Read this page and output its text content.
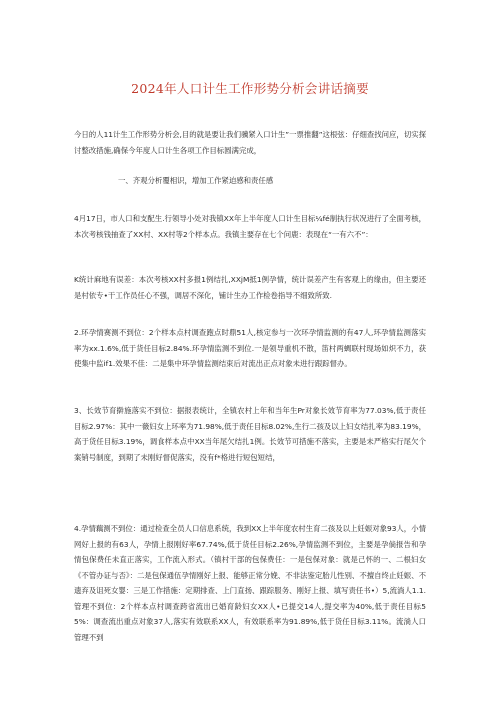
2024年人口计生工作形势分析会讲话摘要

今日的人11计生工作形势分析会,目的就是要让我们骥紧入口计生”一票推翻”这根弦：仔细查找问应，切实探讨整改措施,确保今年度人口计生各项工作目标圆满完成，

一、齐观分析覆相识，增加工作紧迫感和责任感

4月17日，市人口和支配生.行领导小处对我镇XX年上半年度人口计生目标¼fé制执行状况进行了全面考核，本次考核钱抽查了XX村、XX村等2个样本点。我镇主要存在七个问鹿：表现在“一有六不”：

K统计麻地有误差：本次考核XX村多报1例结扎,XXjM抵1例孕情，统计误差产生有客观上的缘由，但主要还是村依专•干工作员任心不强，调居不深化，铺计生办工作检卷指导不细致所致.

2.环孕情赛测不到位：2个样本点村调查跑点时鼎51人,核定参与一次环孕情监测的有47人,环孕情监测落实率为xx.1.6%,低于货任目标2.84%.环孕情监测不到位.一是领导重机不散，笛村两蜩联村现场如炽不力，获使集中监if1.效果不佳：二是集中环孕情监测结束后对流出正点对象未进行跟踪督办。

3、长效节育擀施落实不到位：据报表统计，全镇农村上年和当年生Pr对象长效节育率为77.03%,低于责任目标2.97%：其中一薇妇女上环率为71.98%,低于责任目标8.02%,生行二孩及以上妇女结扎率为83.19%，高于货任目标3.19%，调食样本点中XX当年尾欠结扎1例。长效节可措施不落实，主要是未严格实行尾欠个案销号制度，到期了未刚好督促落实，没有f*格进行短包短结，

4.孕情藕测不到位：通过检查全员人口信息系统，我到XX上半年度农村生育二孩及以上妊娠对象93人，小情网好上报的有63人，孕情上报刚好率67.74%,低于货任目标2.26%,孕情监测不到位，主要是孕倘报告和孕情包保费任未直正落实，工作流入形式。（镇村干部的包保费任：一是包保对象：就是己怀的一、二根妇女《不管办证与否》：二是包保通伍孕情刚好上报、能够正常分娩、不非法鉴定胎儿性别、不擅自终止妊娠、不遗弃及诅死女婴：三是工作措施：定期排查、上门直扬、跟踪服务、刚好上报、填写责任书•）5,流淌人1.1.管理不到位：2个样本点村调查跨省流出已婚育龄妇女XX人•已提交14人,提交率为40%,低于责任目标55%：调查流出重点对象37人,落实有效联系XX人，有效联系率为91.89%,低于货任目标3.11%。流淌人口管理不到
